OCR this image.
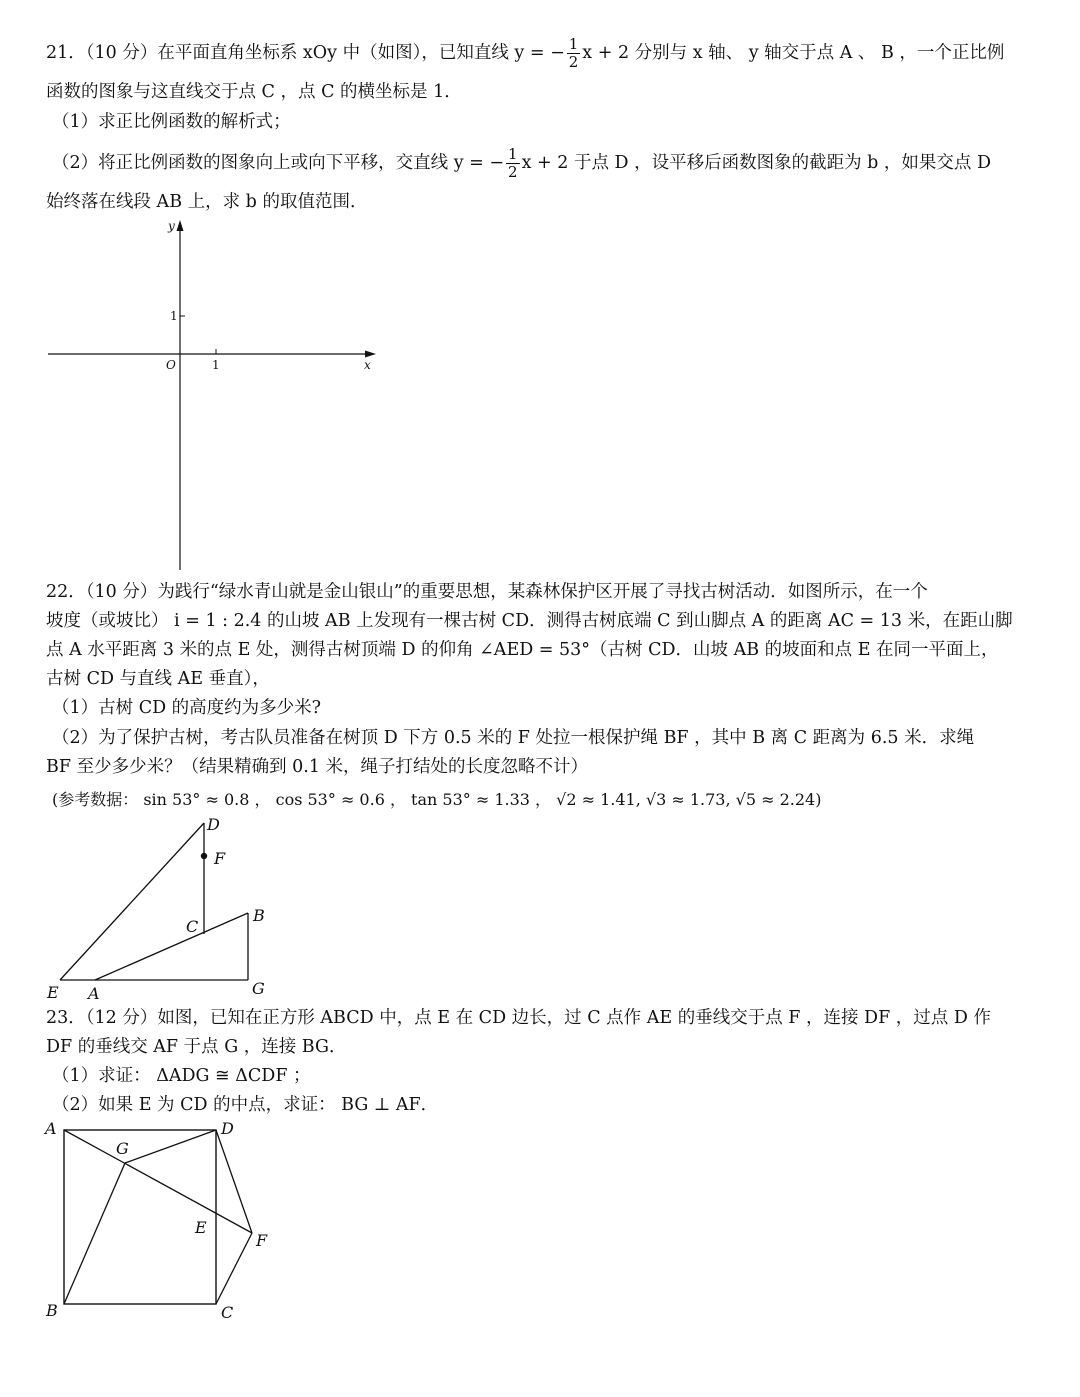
21．（10 分）在平面直角坐标系 xOy 中（如图），已知直线 y = − $\frac{1}{2}$ x + 2 分别与 x 轴、 y 轴交于点 A 、 B ，一个正比例
函数的图象与这直线交于点 C ，点 C 的横坐标是 1．
（1）求正比例函数的解析式；
（2）将正比例函数的图象向上或向下平移，交直线 y = − $\frac{1}{2}$ x + 2 于点 D ，设平移后函数图象的截距为 b ，如果交点 D
始终落在线段 AB 上，求 b 的取值范围．
y
x
O	1
1
22．（10 分）为践行“绿水青山就是金山银山”的重要思想，某森林保护区开展了寻找古树活动．如图所示，在一个
坡度（或坡比） i = 1 : 2.4 的山坡 AB 上发现有一棵古树 CD．测得古树底端 C 到山脚点 A 的距离 AC = 13 米，在距山脚
点 A 水平距离 3 米的点 E 处，测得古树顶端 D 的仰角 ∠AED = 53°（古树 CD．山坡 AB 的坡面和点 E 在同一平面上，
古树 CD 与直线 AE 垂直），
（1）古树 CD 的高度约为多少米?
（2）为了保护古树，考古队员准备在树顶 D 下方 0.5 米的 F 处拉一根保护绳 BF ，其中 B 离 C 距离为 6.5 米．求绳
BF 至少多少米？（结果精确到 0.1 米，绳子打结处的长度忽略不计）
(参考数据： sin 53° ≈ 0.8 ， cos 53° ≈ 0.6 ， tan 53° ≈ 1.33 ， √2 ≈ 1.41, √3 ≈ 1.73, √5 ≈ 2.24)
D
F
C
B
E A	G
23．（12 分）如图，已知在正方形 ABCD 中，点 E 在 CD 边长，过 C 点作 AE 的垂线交于点 F ，连接 DF ，过点 D 作
DF 的垂线交 AF 于点 G ，连接 BG．
（1）求证： ΔADG ≅ ΔCDF ；
（2）如果 E 为 CD 的中点，求证： BG ⊥ AF．
A	D
G
E
F
B	C
